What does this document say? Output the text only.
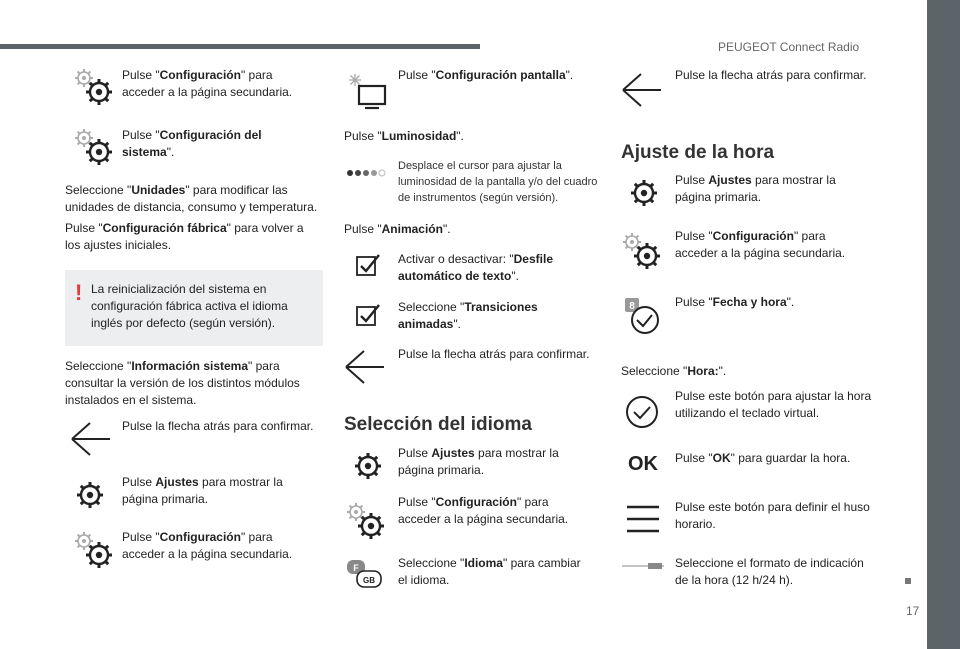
PEUGEOT Connect Radio
17
Pulse "Configuración" para acceder a la página secundaria.
Pulse "Configuración del sistema".
Seleccione "Unidades" para modificar las unidades de distancia, consumo y temperatura.
Pulse "Configuración fábrica" para volver a los ajustes iniciales.
! La reinicialización del sistema en configuración fábrica activa el idioma inglés por defecto (según versión).
Seleccione "Información sistema" para consultar la versión de los distintos módulos instalados en el sistema.
Pulse la flecha atrás para confirmar.
Pulse Ajustes para mostrar la página primaria.
Pulse "Configuración" para acceder a la página secundaria.
Pulse "Configuración pantalla".
Pulse "Luminosidad".
Desplace el cursor para ajustar la luminosidad de la pantalla y/o del cuadro de instrumentos (según versión).
Pulse "Animación".
Activar o desactivar: "Desfile automático de texto".
Seleccione "Transiciones animadas".
Pulse la flecha atrás para confirmar.
Selección del idioma
Pulse Ajustes para mostrar la página primaria.
Pulse "Configuración" para acceder a la página secundaria.
F
GB
Seleccione "Idioma" para cambiar el idioma.
Pulse la flecha atrás para confirmar.
Ajuste de la hora
Pulse Ajustes para mostrar la página primaria.
Pulse "Configuración" para acceder a la página secundaria.
8	Pulse "Fecha y hora".
Seleccione "Hora:".
Pulse este botón para ajustar la hora utilizando el teclado virtual.
OK Pulse "OK" para guardar la hora.
Pulse este botón para definir el huso horario.
Seleccione el formato de indicación de la hora (12 h/24 h).
